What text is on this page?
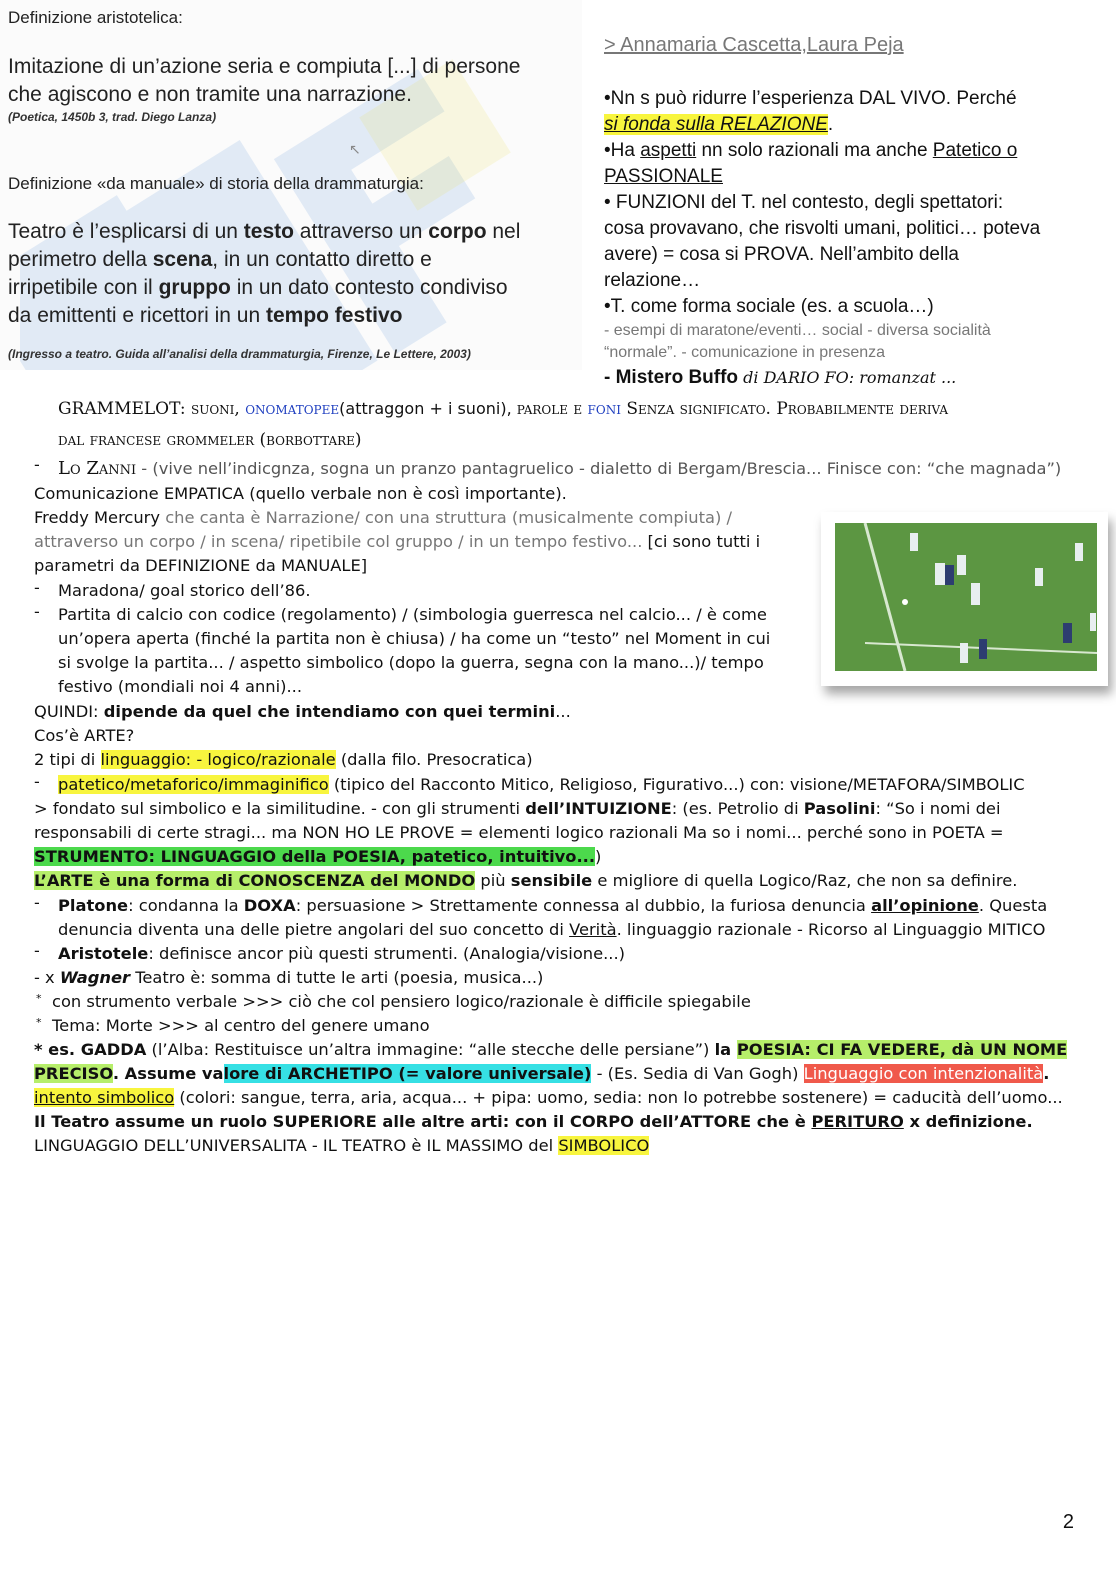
Definizione aristotelica:
Imitazione di un’azione seria e compiuta [...] di persone
che agiscono e non tramite una narrazione.
(Poetica, 1450b 3, trad. Diego Lanza)
↖
Definizione «da manuale» di storia della drammaturgia:
Teatro è l’esplicarsi di un testo attraverso un corpo nel
perimetro della scena, in un contatto diretto e
irripetibile con il gruppo in un dato contesto condiviso
da emittenti e ricettori in un tempo festivo
(Ingresso a teatro. Guida all’analisi della drammaturgia, Firenze, Le Lettere, 2003)
> Annamaria Cascetta,Laura Peja
•Nn s può ridurre l’esperienza DAL VIVO. Perché
si fonda sulla RELAZIONE.
•Ha aspetti nn solo razionali ma anche Patetico o
PASSIONALE
• FUNZIONI del T. nel contesto, degli spettatori:
cosa provavano, che risvolti umani, politici… poteva
avere) = cosa si PROVA. Nell’ambito della
relazione…
•T. come forma sociale (es. a scuola…)
- esempi di maratone/eventi… social - diversa socialità
“normale”. - comunicazione in presenza
- Mistero Buffo di DARIO FO: romanzat ...
GRAMMELOT: suoni, onomatopee(attraggon + i suoni), parole e foni Senza significato. Probabilmente deriva
dal francese grommeler (borbottare)
- Lo Zanni - (vive nell’indicgnza, sogna un pranzo pantagruelico - dialetto di Bergam/Brescia... Finisce con: “che magnada”)
Comunicazione EMPATICA (quello verbale non è così importante).
Freddy Mercury che canta è Narrazione/ con una struttura (musicalmente compiuta) /
attraverso un corpo / in scena/ ripetibile col gruppo / in un tempo festivo... [ci sono tutti i
parametri da DEFINIZIONE da MANUALE]
- Maradona/ goal storico dell’86.
- Partita di calcio con codice (regolamento) / (simbologia guerresca nel calcio... / è come
un’opera aperta (finché la partita non è chiusa) / ha come un “testo” nel Moment in cui
si svolge la partita... / aspetto simbolico (dopo la guerra, segna con la mano...)/ tempo
festivo (mondiali noi 4 anni)...
QUINDI: dipende da quel che intendiamo con quei termini...
Cos’è ARTE?
2 tipi di linguaggio: - logico/razionale (dalla filo. Presocratica)
- patetico/metaforico/immaginifico (tipico del Racconto Mitico, Religioso, Figurativo...) con: visione/METAFORA/SIMBOLIC
> fondato sul simbolico e la similitudine. - con gli strumenti dell’INTUIZIONE: (es. Petrolio di Pasolini: “So i nomi dei
responsabili di certe stragi... ma NON HO LE PROVE = elementi logico razionali Ma so i nomi... perché sono in POETA =
STRUMENTO: LINGUAGGIO della POESIA, patetico, intuitivo...)
L’ARTE è una forma di CONOSCENZA del MONDO più sensibile e migliore di quella Logico/Raz, che non sa definire.
- Platone: condanna la DOXA: persuasione > Strettamente connessa al dubbio, la furiosa denuncia all’opinione. Questa
denuncia diventa una delle pietre angolari del suo concetto di Verità. linguaggio razionale - Ricorso al Linguaggio MITICO
- Aristotele: definisce ancor più questi strumenti. (Analogia/visione...)
- x Wagner Teatro è: somma di tutte le arti (poesia, musica...)
* con strumento verbale >>> ciò che col pensiero logico/razionale è difficile spiegabile
* Tema: Morte >>> al centro del genere umano
* es. GADDA (l’Alba: Restituisce un’altra immagine: “alle stecche delle persiane”) la POESIA: CI FA VEDERE, dà UN NOME
PRECISO. Assume valore di ARCHETIPO (= valore universale) - (Es. Sedia di Van Gogh) Linguaggio con intenzionalità.
intento simbolico (colori: sangue, terra, aria, acqua... + pipa: uomo, sedia: non lo potrebbe sostenere) = caducità dell’uomo...
Il Teatro assume un ruolo SUPERIORE alle altre arti: con il CORPO dell’ATTORE che è PERITURO x definizione.
LINGUAGGIO DELL’UNIVERSALITA - IL TEATRO è IL MASSIMO del SIMBOLICO
2
